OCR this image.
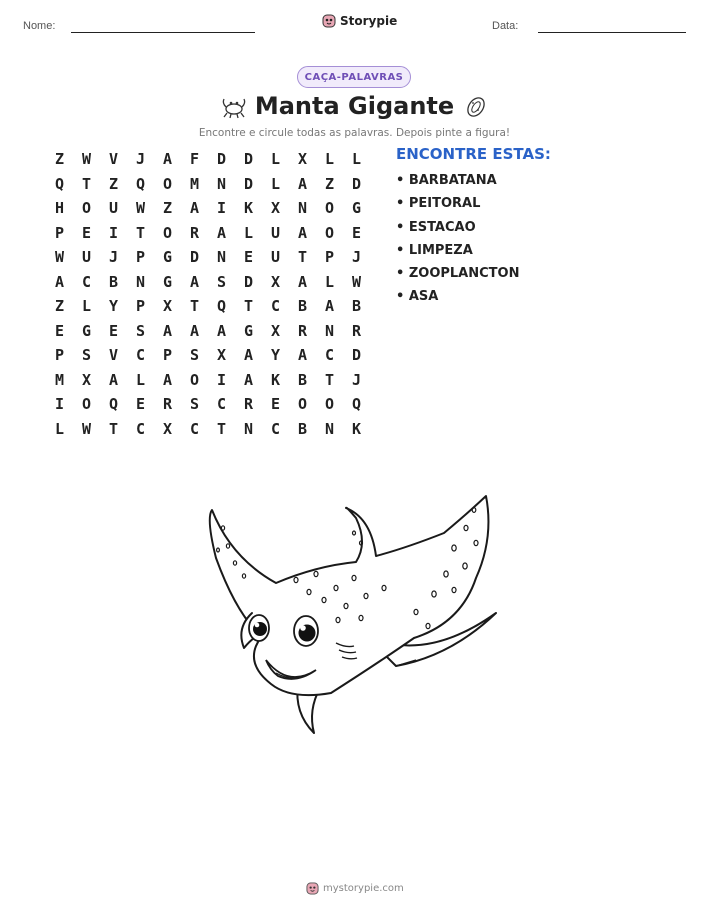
Nome:	Storypie	Data:
CAÇA-PALAVRAS
Manta Gigante
Encontre e circule todas as palavras. Depois pinte a figura!
Z	W	V	J	A	F	D	D	L	X	L	L
Q	T	Z	Q	O	M	N	D	L	A	Z	D
H	O	U	W	Z	A	I	K	X	N	O	G
P	E	I	T	O	R	A	L	U	A	O	E
W	U	J	P	G	D	N	E	U	T	P	J
A	C	B	N	G	A	S	D	X	A	L	W
Z	L	Y	P	X	T	Q	T	C	B	A	B
E	G	E	S	A	A	A	G	X	R	N	R
P	S	V	C	P	S	X	A	Y	A	C	D
M	X	A	L	A	O	I	A	K	B	T	J
I	O	Q	E	R	S	C	R	E	O	O	Q
L	W	T	C	X	C	T	N	C	B	N	K
ENCONTRE ESTAS:
• BARBATANA
• PEITORAL
• ESTACAO
• LIMPEZA
• ZOOPLANCTON
• ASA
mystorypie.com
